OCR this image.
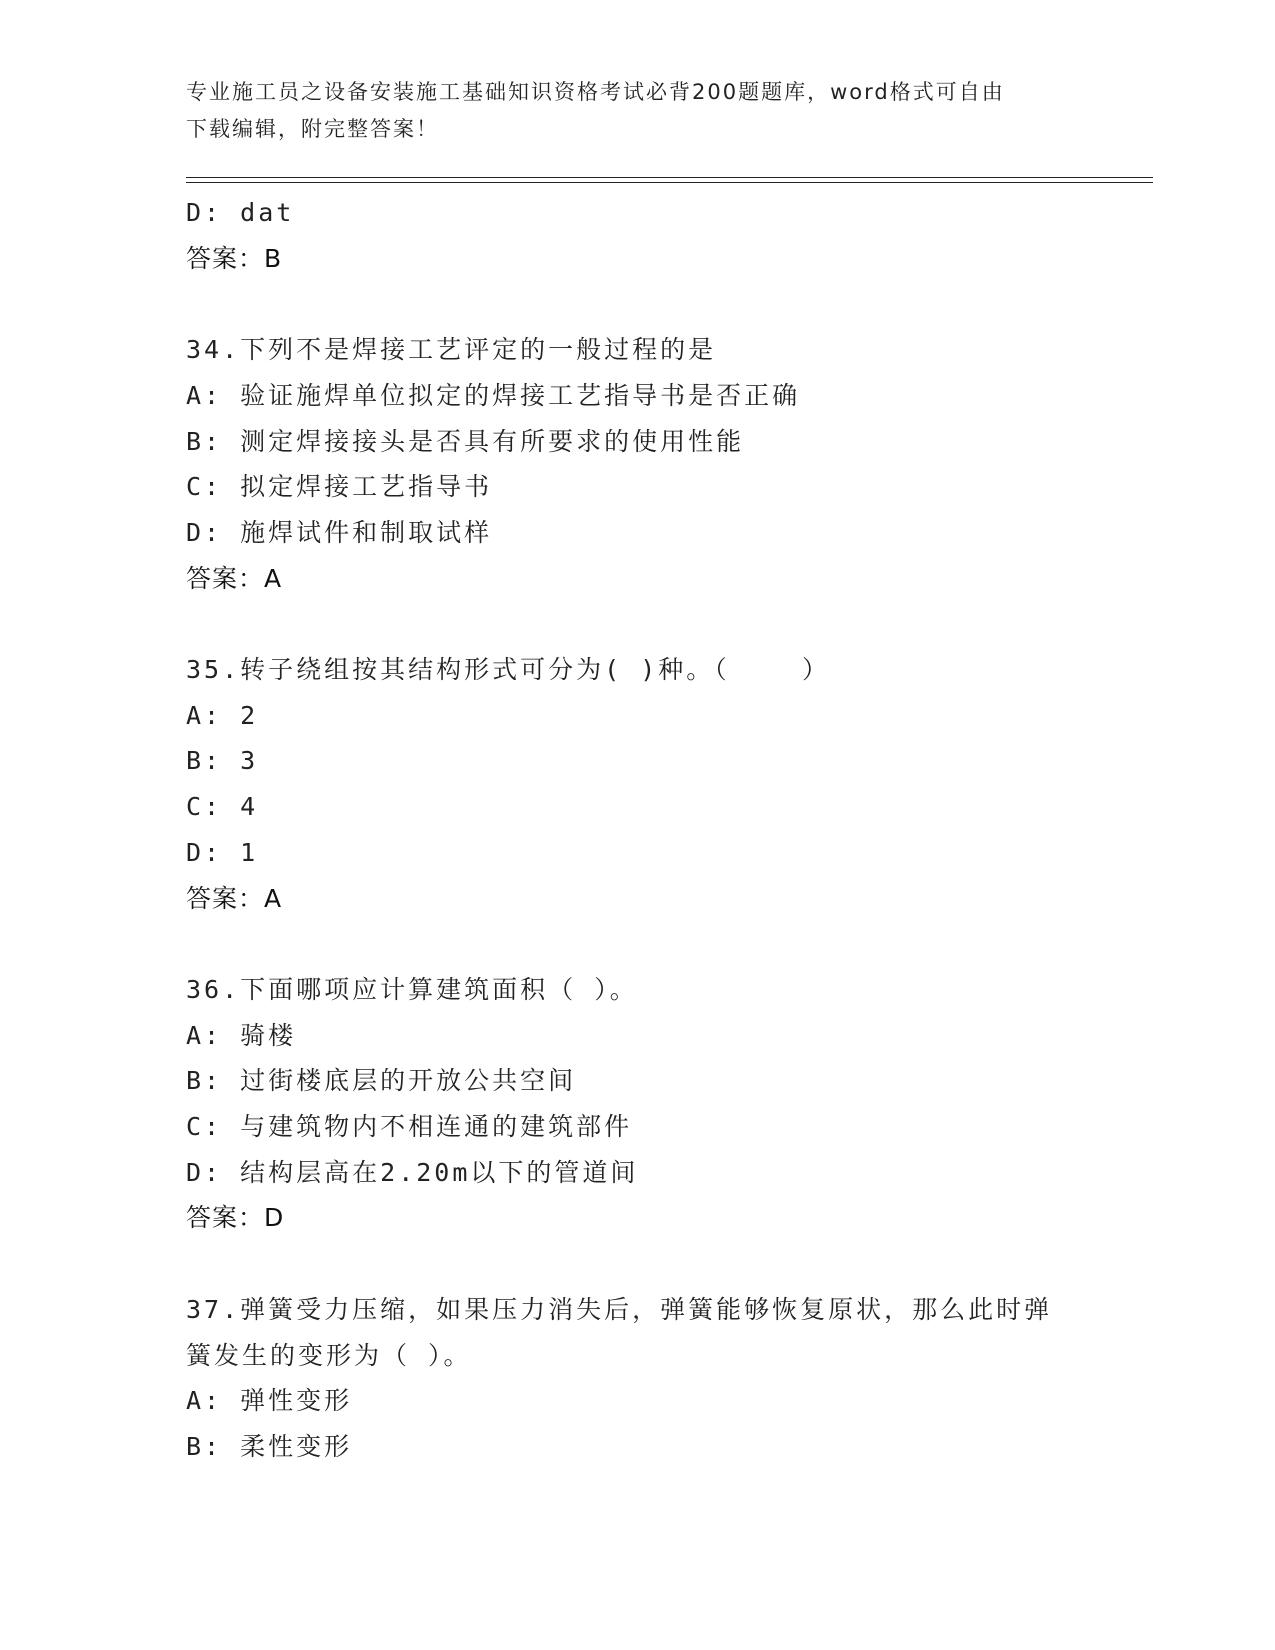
专业施工员之设备安装施工基础知识资格考试必背200题题库，word格式可自由
下载编辑，附完整答案！
D: dat
答案：B
34.下列不是焊接工艺评定的一般过程的是
A: 验证施焊单位拟定的焊接工艺指导书是否正确
B: 测定焊接接头是否具有所要求的使用性能
C: 拟定焊接工艺指导书
D: 施焊试件和制取试样
答案：A
35.转子绕组按其结构形式可分为( )种。（    ）
A: 2
B: 3
C: 4
D: 1
答案：A
36.下面哪项应计算建筑面积（ ）。
A: 骑楼
B: 过街楼底层的开放公共空间
C: 与建筑物内不相连通的建筑部件
D: 结构层高在2.20m以下的管道间
答案：D
37.弹簧受力压缩，如果压力消失后，弹簧能够恢复原状，那么此时弹
簧发生的变形为（ ）。
A: 弹性变形
B: 柔性变形
